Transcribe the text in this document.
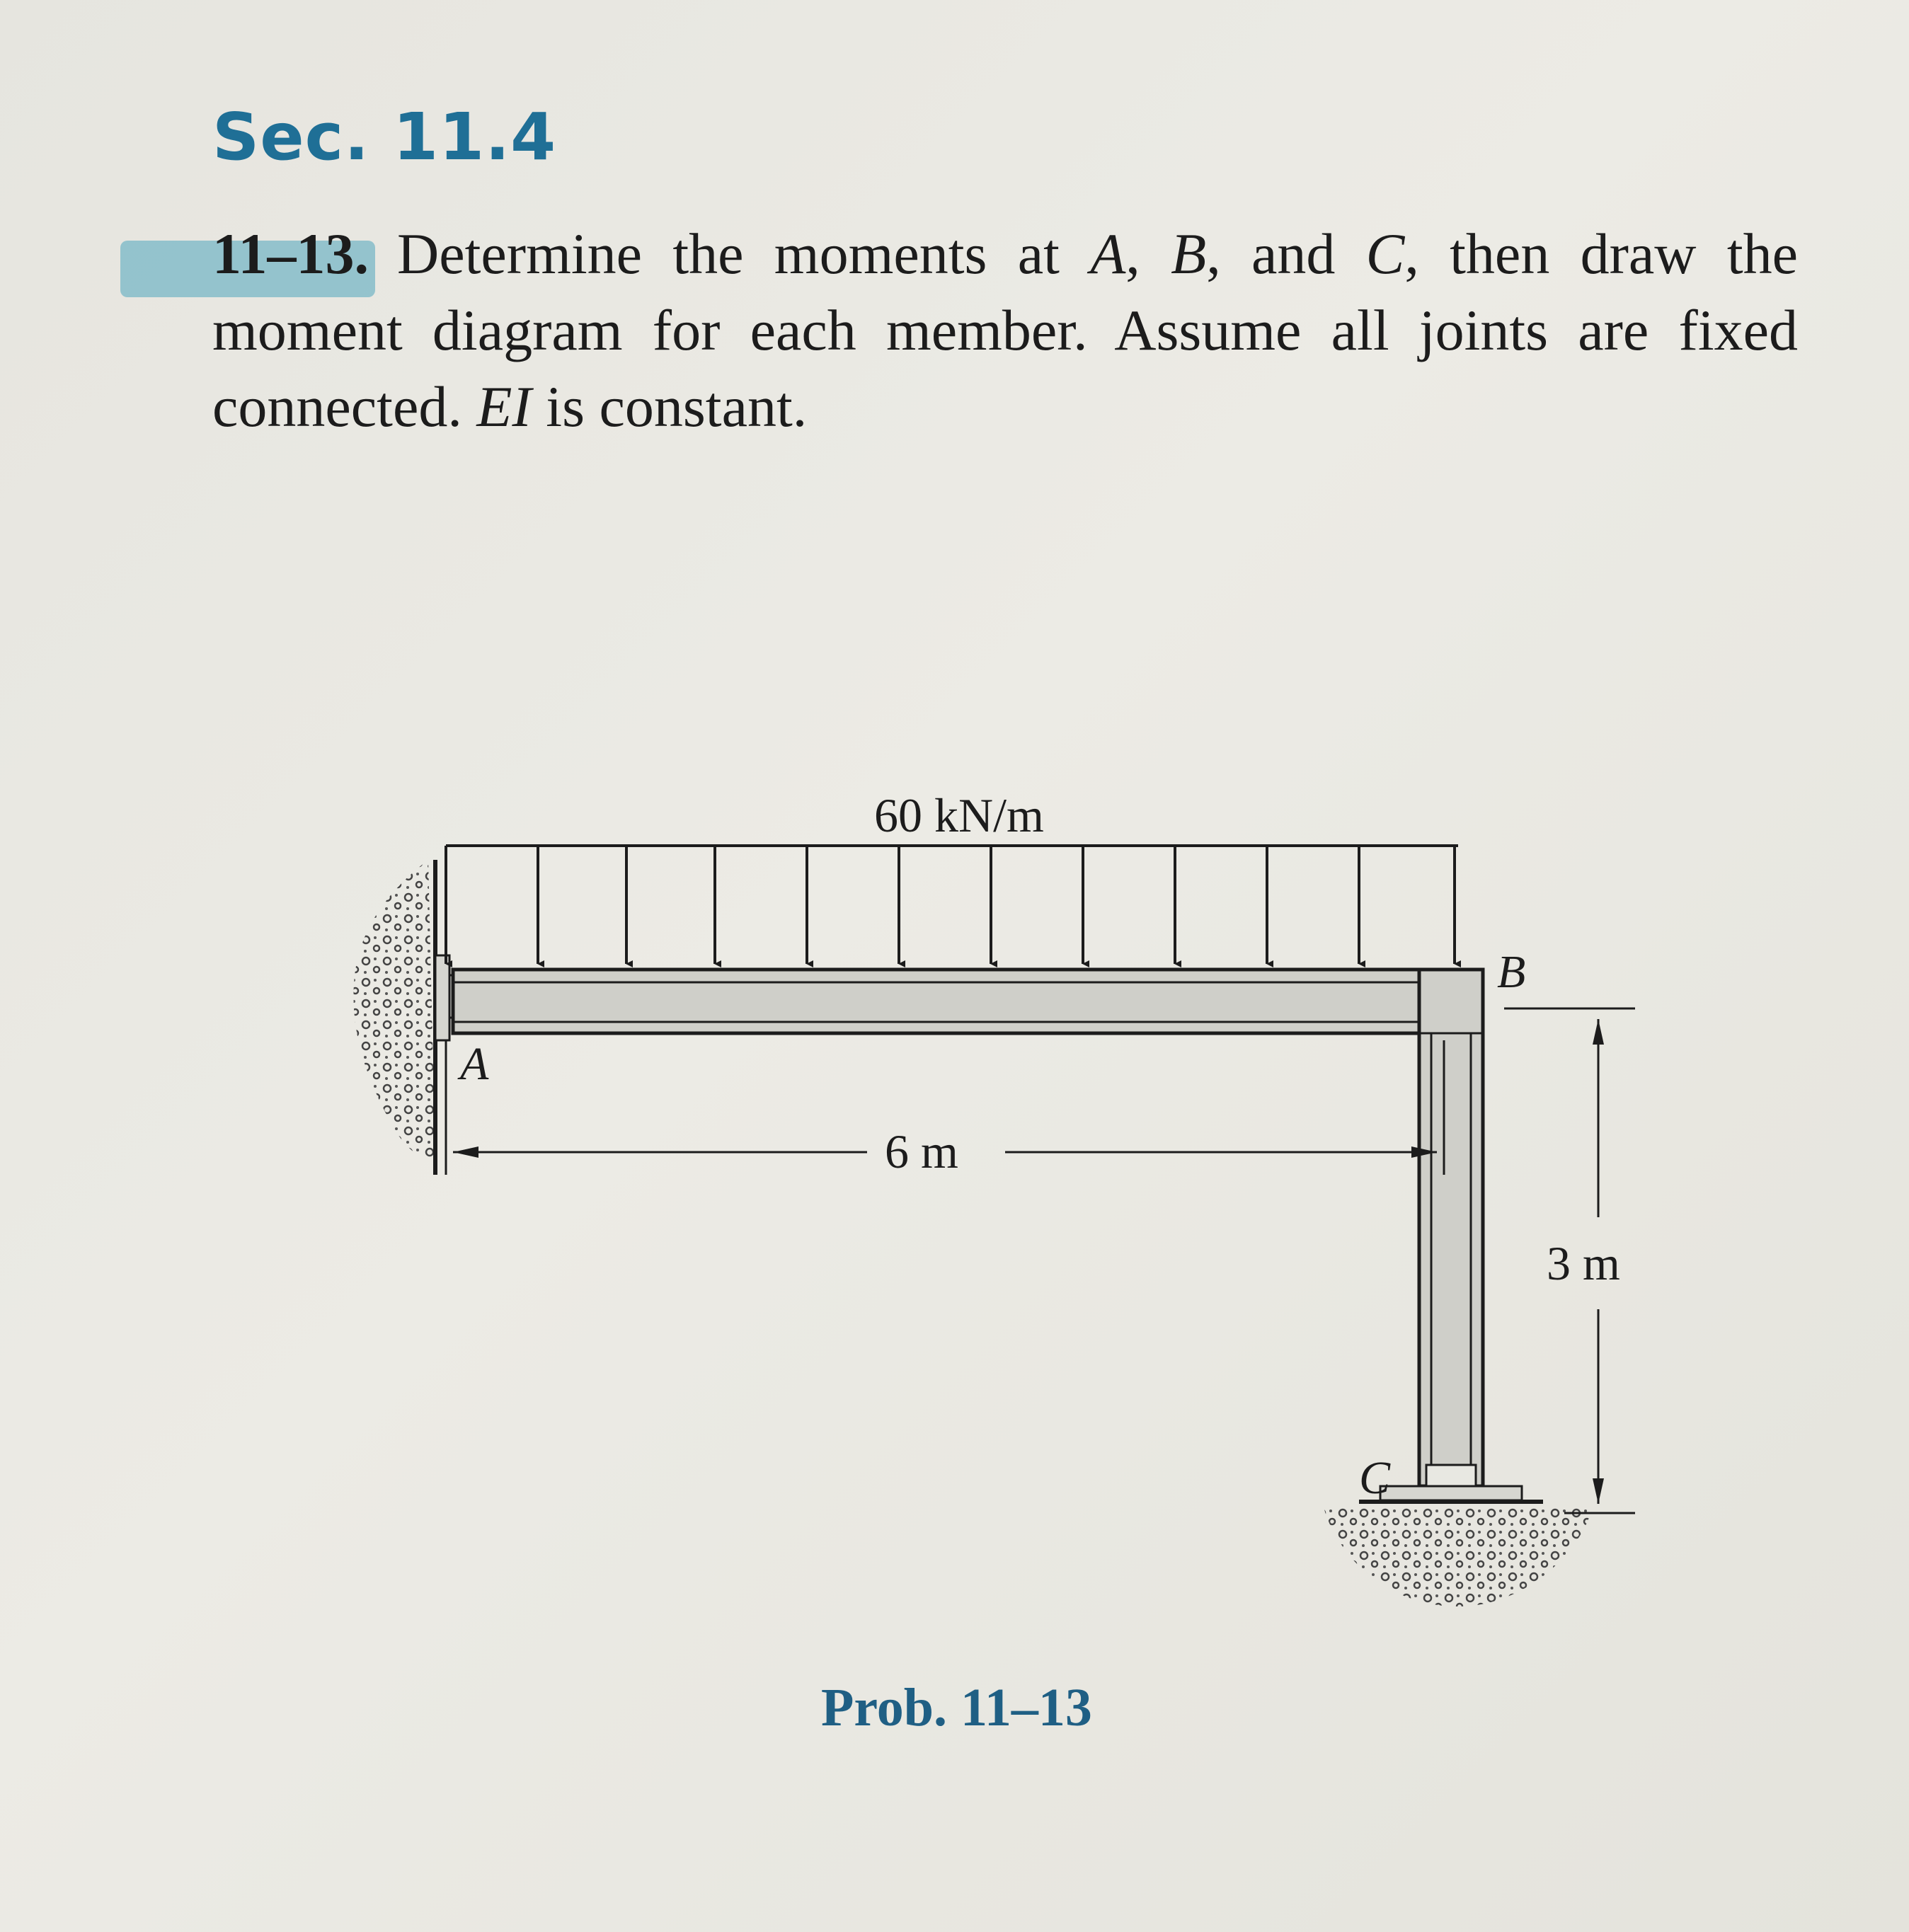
Sec. 11.4
11–13. Determine the moments at A, B, and C, then draw the moment diagram for each member. Assume all joints are fixed connected. EI is constant.
60 kN/m
6 m
3 m
A
B
C
Prob. 11–13
